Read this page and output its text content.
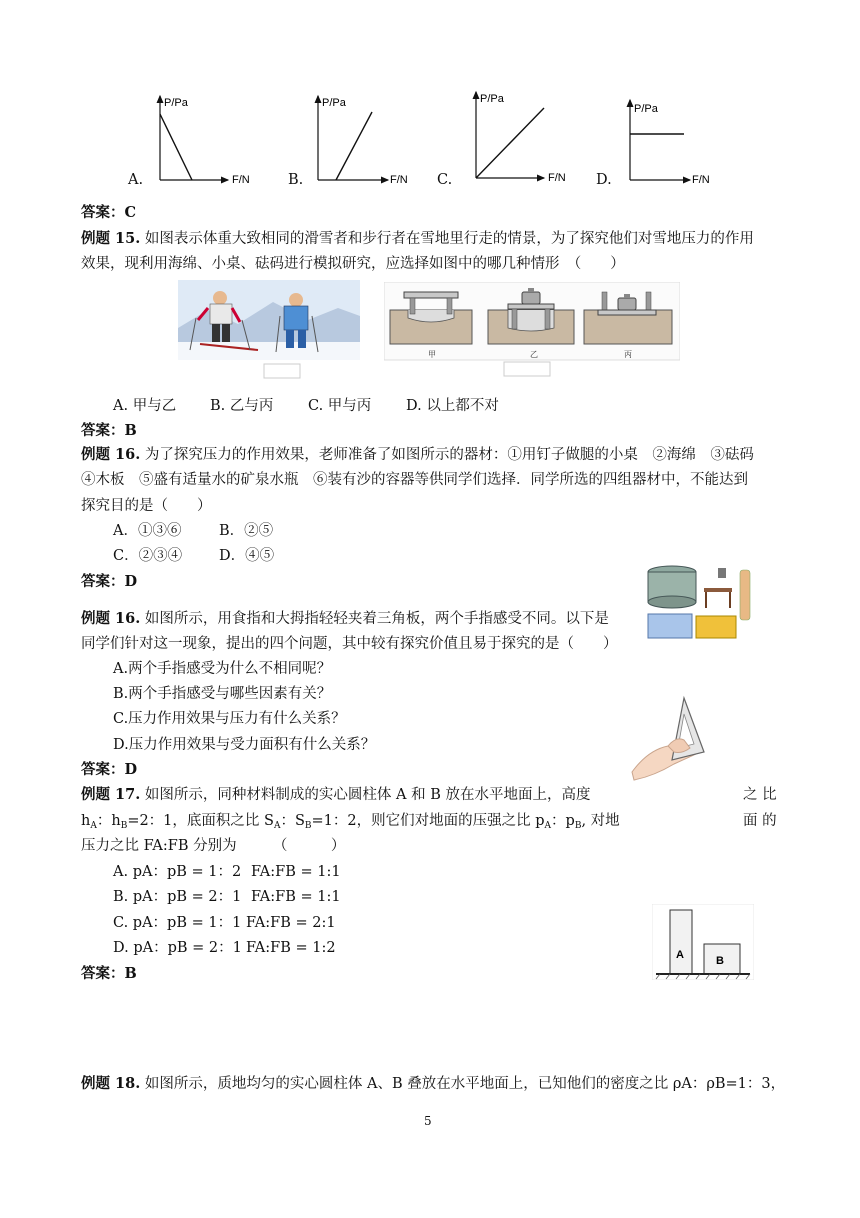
P/Pa
F/N
P/Pa
F/N
P/Pa
F/N
P/Pa
F/N
A.	B.	C.	D.
答案：C
例题 15. 如图表示体重大致相同的滑雪者和步行者在雪地里行走的情景，为了探究他们对雪地压力的作用
效果，现利用海绵、小桌、砝码进行模拟研究，应选择如图中的哪几种情形　（　　）
甲	乙	丙
A. 甲与乙 B. 乙与丙 C. 甲与丙 D. 以上都不对
答案：B
例题 16. 为了探究压力的作用效果，老师准备了如图所示的器材：①用钉子做腿的小桌　②海绵　③砝码
④木板　⑤盛有适量水的矿泉水瓶　⑥装有沙的容器等供同学们选择．同学所选的四组器材中，不能达到
探究目的是（　　）
A．①③⑥	B．②⑤
C．②③④	D．④⑤
答案：D
例题 16. 如图所示，用食指和大拇指轻轻夹着三角板，两个手指感受不同。以下是
同学们针对这一现象，提出的四个问题，其中较有探究价值且易于探究的是（　　）
A.两个手指感受为什么不相同呢？
B.两个手指感受与哪些因素有关？
C.压力作用效果与压力有什么关系？
D.压力作用效果与受力面积有什么关系？
答案：D
例题 17. 如图所示，同种材料制成的实心圆柱体 A 和 B 放在水平地面上，高度	之 比
$h_A$：$h_B=2$：1，底面积之比 $S_A$：$S_B=1$：2，则它们对地面的压强之比 $p_A$：$p_B$, 对地	面 的
压力之比 FA:FB 分别为　　　（　　　）
A. pA：pB = 1：2 FA:FB = 1:1
B. pA：pB = 2：1 FA:FB = 1:1
C. pA：pB = 1：1 FA:FB = 2:1
D. pA：pB = 2：1 FA:FB = 1:2
答案：B
A	B
例题 18. 如图所示，质地均匀的实心圆柱体 A、B 叠放在水平地面上，已知他们的密度之比 ρA：ρB=1：3，
5
